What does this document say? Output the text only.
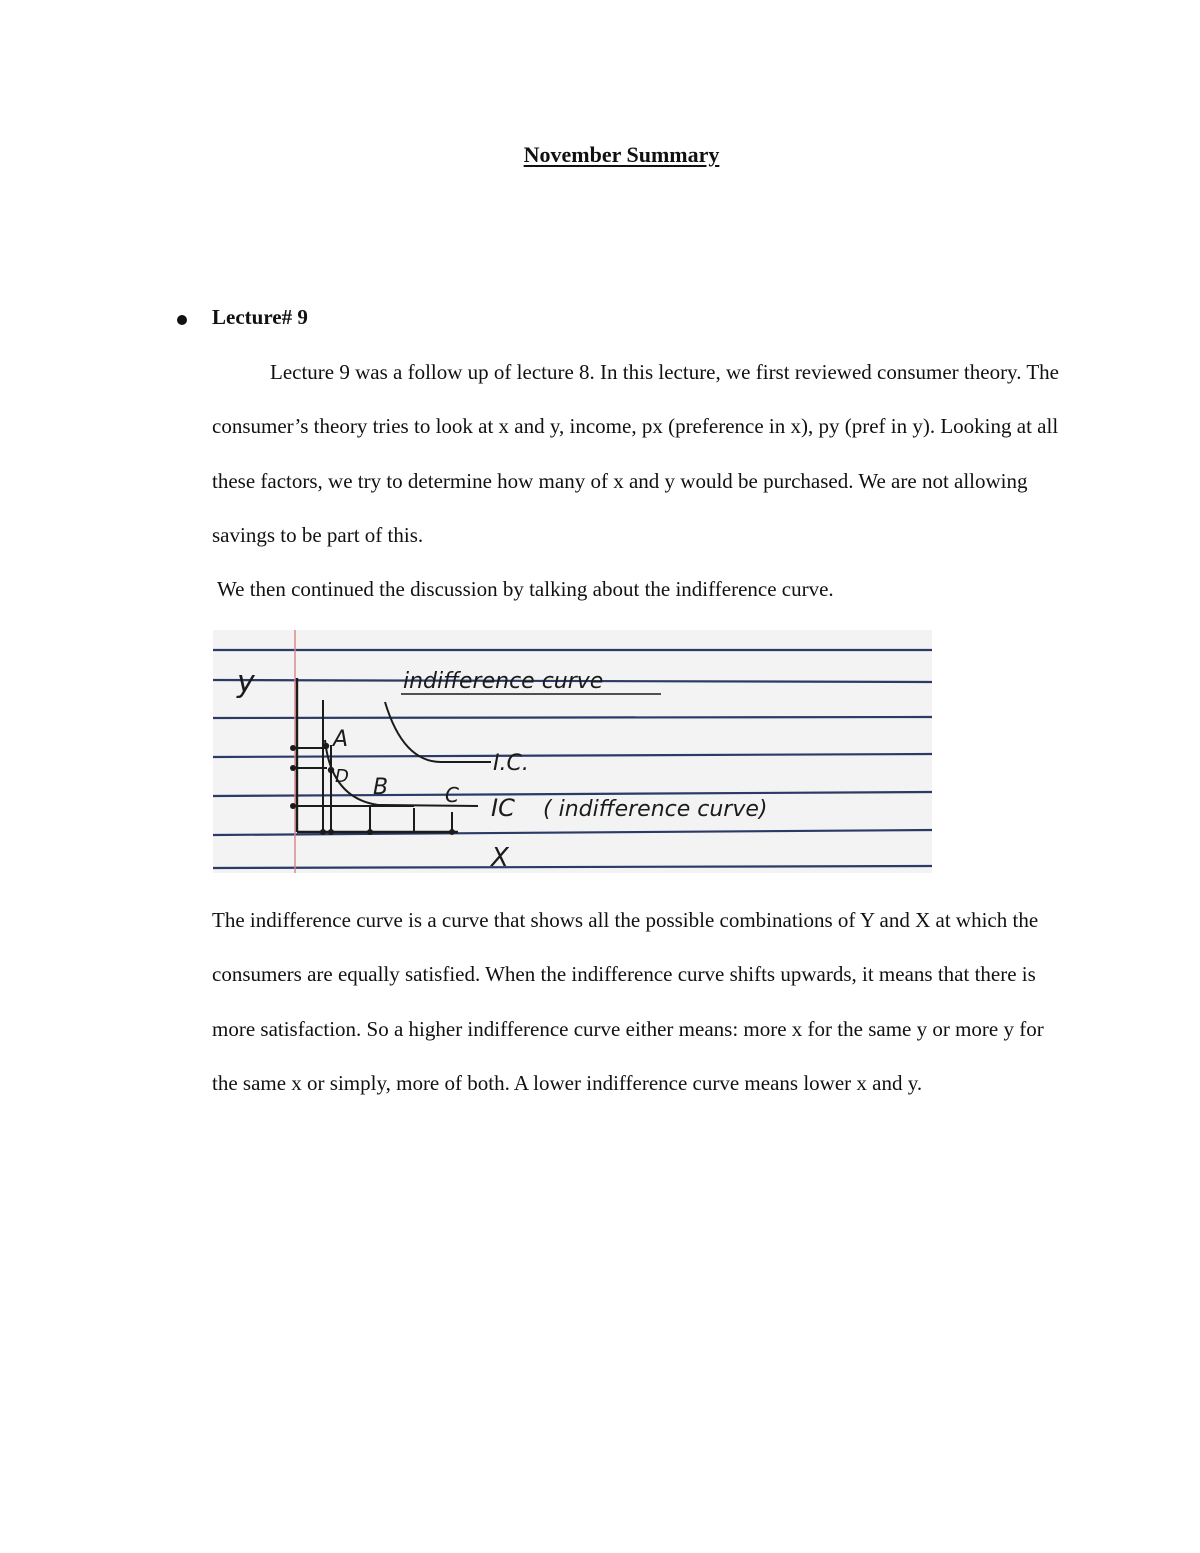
November Summary
Lecture# 9

Lecture 9 was a follow up of lecture 8. In this lecture, we first reviewed consumer theory. The consumer’s theory tries to look at x and y, income, px (preference in x), py (pref in y). Looking at all these factors, we try to determine how many of x and y would be purchased. We are not allowing savings to be part of this.

We then continued the discussion by talking about the indifference curve.

y	indifference curve
A
D B	C
I.C.
IC ( indifference curve)
X

The indifference curve is a curve that shows all the possible combinations of Y and X at which the consumers are equally satisfied. When the indifference curve shifts upwards, it means that there is more satisfaction. So a higher indifference curve either means: more x for the same y or more y for the same x or simply, more of both. A lower indifference curve means lower x and y.
